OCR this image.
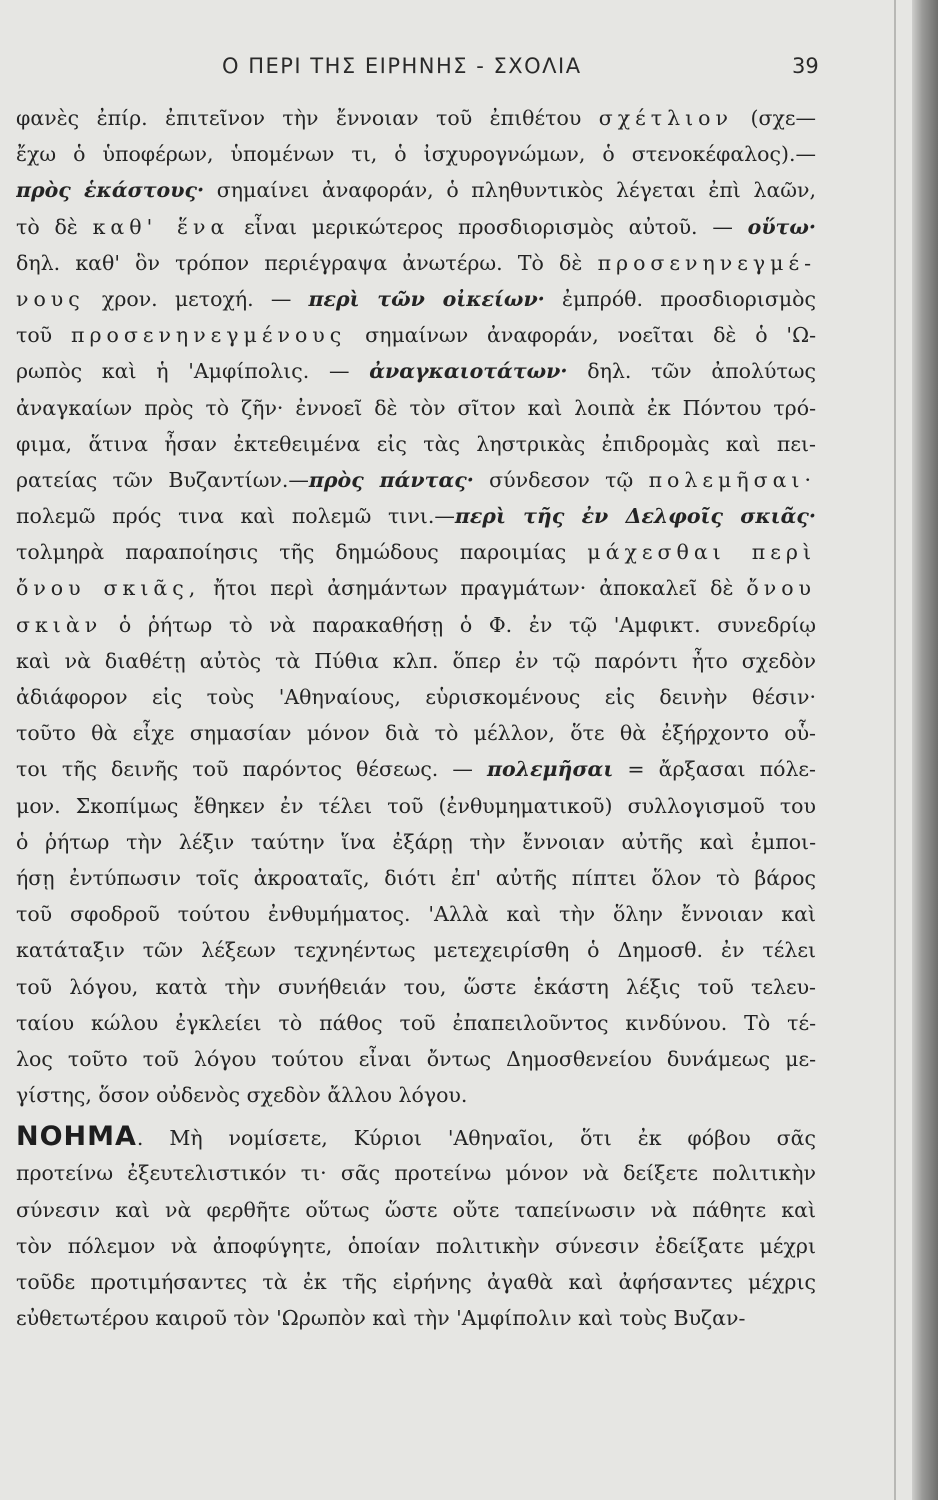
Ο ΠΕΡΙ ΤΗΣ ΕΙΡΗΝΗΣ - ΣΧΟΛΙΑ	39
φανὲς ἐπίρ. ἐπιτεῖνον τὴν ἔννοιαν τοῦ ἐπιθέτου σχέτλιον (σχε—
ἔχω ὁ ὑποφέρων, ὑπομένων τι, ὁ ἰσχυρογνώμων, ὁ στενοκέφαλος).—
πρὸς ἑκάστους· σημαίνει ἀναφοράν, ὁ πληθυντικὸς λέγεται ἐπὶ λαῶν,
τὸ δὲ καθ' ἕνα εἶναι μερικώτερος προσδιορισμὸς αὐτοῦ. — οὕτω·
δηλ. καθ' ὃν τρόπον περιέγραψα ἀνωτέρω. Τὸ δὲ προσενηνεγμέ-
νους χρον. μετοχή. — περὶ τῶν οἰκείων· ἐμπρόθ. προσδιορισμὸς
τοῦ προσενηνεγμένους σημαίνων ἀναφοράν, νοεῖται δὲ ὁ 'Ω-
ρωπὸς καὶ ἡ 'Αμφίπολις. — ἀναγκαιοτάτων· δηλ. τῶν ἀπολύτως
ἀναγκαίων πρὸς τὸ ζῆν· ἐννοεῖ δὲ τὸν σῖτον καὶ λοιπὰ ἐκ Πόντου τρό-
φιμα, ἅτινα ἦσαν ἐκτεθειμένα εἰς τὰς ληστρικὰς ἐπιδρομὰς καὶ πει-
ρατείας τῶν Βυζαντίων.—πρὸς πάντας· σύνδεσον τῷ πολεμῆσαι·
πολεμῶ πρός τινα καὶ πολεμῶ τινι.—περὶ τῆς ἐν Δελφοῖς σκιᾶς·
τολμηρὰ παραποίησις τῆς δημώδους παροιμίας μάχεσθαι περὶ
ὄνου σκιᾶς, ἤτοι περὶ ἀσημάντων πραγμάτων· ἀποκαλεῖ δὲ ὄνου
σκιὰν ὁ ῥήτωρ τὸ νὰ παρακαθήσῃ ὁ Φ. ἐν τῷ 'Αμφικτ. συνεδρίῳ
καὶ νὰ διαθέτῃ αὐτὸς τὰ Πύθια κλπ. ὅπερ ἐν τῷ παρόντι ἦτο σχεδὸν
ἀδιάφορον εἰς τοὺς 'Αθηναίους, εὑρισκομένους εἰς δεινὴν θέσιν·
τοῦτο θὰ εἶχε σημασίαν μόνον διὰ τὸ μέλλον, ὅτε θὰ ἐξήρχοντο οὗ-
τοι τῆς δεινῆς τοῦ παρόντος θέσεως. — πολεμῆσαι = ἄρξασαι πόλε-
μον. Σκοπίμως ἔθηκεν ἐν τέλει τοῦ (ἐνθυμηματικοῦ) συλλογισμοῦ του
ὁ ῥήτωρ τὴν λέξιν ταύτην ἵνα ἐξάρῃ τὴν ἔννοιαν αὐτῆς καὶ ἐμποι-
ήσῃ ἐντύπωσιν τοῖς ἀκροαταῖς, διότι ἐπ' αὐτῆς πίπτει ὅλον τὸ βάρος
τοῦ σφοδροῦ τούτου ἐνθυμήματος. 'Αλλὰ καὶ τὴν ὅλην ἔννοιαν καὶ
κατάταξιν τῶν λέξεων τεχνηέντως μετεχειρίσθη ὁ Δημοσθ. ἐν τέλει
τοῦ λόγου, κατὰ τὴν συνήθειάν του, ὥστε ἑκάστη λέξις τοῦ τελευ-
ταίου κώλου ἐγκλείει τὸ πάθος τοῦ ἐπαπειλοῦντος κινδύνου. Τὸ τέ-
λος τοῦτο τοῦ λόγου τούτου εἶναι ὄντως Δημοσθενείου δυνάμεως με-
γίστης, ὅσον οὐδενὸς σχεδὸν ἄλλου λόγου.
ΝΟΗΜΑ. Μὴ νομίσετε, Κύριοι 'Αθηναῖοι, ὅτι ἐκ φόβου σᾶς
προτείνω ἐξευτελιστικόν τι· σᾶς προτείνω μόνον νὰ δείξετε πολιτικὴν
σύνεσιν καὶ νὰ φερθῆτε οὕτως ὥστε οὔτε ταπείνωσιν νὰ πάθητε καὶ
τὸν πόλεμον νὰ ἀποφύγητε, ὁποίαν πολιτικὴν σύνεσιν ἐδείξατε μέχρι
τοῦδε προτιμήσαντες τὰ ἐκ τῆς εἰρήνης ἀγαθὰ καὶ ἀφήσαντες μέχρις
εὐθετωτέρου καιροῦ τὸν 'Ωρωπὸν καὶ τὴν 'Αμφίπολιν καὶ τοὺς Βυζαν-
